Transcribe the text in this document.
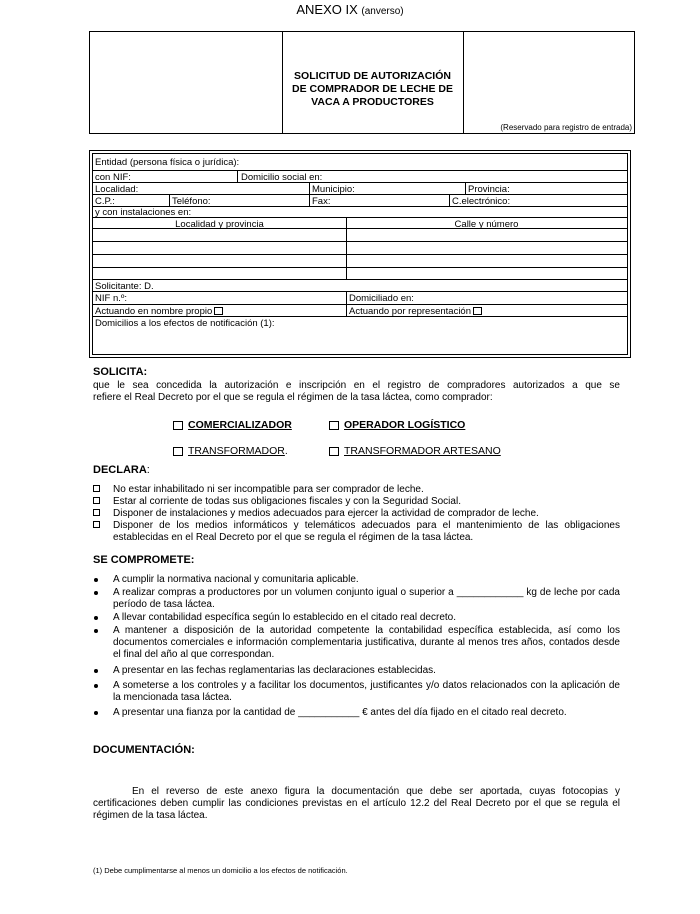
ANEXO IX (anverso)
SOLICITUD DE AUTORIZACIÓN
DE COMPRADOR DE LECHE DE
VACA A PRODUCTORES
(Reservado para registro de entrada)
Entidad (persona física o jurídica):
con NIF:	Domicilio social en:
Localidad:	Municipio:	Provincia:
C.P.:	Teléfono:	Fax:	C.electrónico:
y con instalaciones en:
Localidad y provincia	Calle y número
Solicitante: D.
NIF n.º:	Domiciliado en:
Actuando en nombre propio	Actuando por representación
Domicilios a los efectos de notificación (1):
SOLICITA:
que le sea concedida la autorización e inscripción en el registro de compradores autorizados a que se
refiere el Real Decreto por el que se regula el régimen de la tasa láctea, como comprador:
COMERCIALIZADOR	OPERADOR LOGÍSTICO
TRANSFORMADOR.	TRANSFORMADOR ARTESANO
DECLARA:
No estar inhabilitado ni ser incompatible para ser comprador de leche.
Estar al corriente de todas sus obligaciones fiscales y con la Seguridad Social.
Disponer de instalaciones y medios adecuados para ejercer la actividad de comprador de leche.
Disponer de los medios informáticos y telemáticos adecuados para el mantenimiento de las obligaciones establecidas en el Real Decreto por el que se regula el régimen de la tasa láctea.
SE COMPROMETE:
A cumplir la normativa nacional y comunitaria aplicable.
A realizar compras a productores por un volumen conjunto igual o superior a ____________ kg de leche por cada período de tasa láctea.
A llevar contabilidad específica según lo establecido en el citado real decreto.
A mantener a disposición de la autoridad competente la contabilidad específica establecida, así como los documentos comerciales e información complementaria justificativa, durante al menos tres años, contados desde el final del año al que correspondan.
A presentar en las fechas reglamentarias las declaraciones establecidas.
A someterse a los controles y a facilitar los documentos, justificantes y/o datos relacionados con la aplicación de la mencionada tasa láctea.
A presentar una fianza por la cantidad de ___________ € antes del día fijado en el citado real decreto.
DOCUMENTACIÓN:
En el reverso de este anexo figura la documentación que debe ser aportada, cuyas fotocopias y certificaciones deben cumplir las condiciones previstas en el artículo 12.2 del Real Decreto por el que se regula el régimen de la tasa láctea.
(1) Debe cumplimentarse al menos un domicilio a los efectos de notificación.
